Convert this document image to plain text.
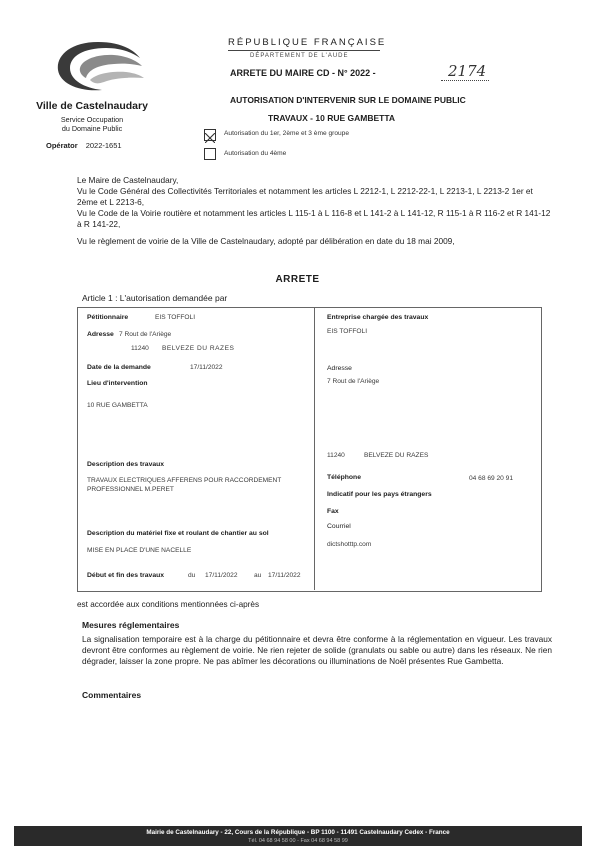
Ville de Castelnaudary
Service Occupation
du Domaine Public
Opérator 2022-1651
RÉPUBLIQUE FRANÇAISE
DÉPARTEMENT DE L'AUDE
ARRETE DU MAIRE CD - N° 2022 -	2174
AUTORISATION D'INTERVENIR SUR LE DOMAINE PUBLIC
TRAVAUX - 10 RUE GAMBETTA
Autorisation du 1er, 2ème et 3 ème groupe
Autorisation du 4ème
Le Maire de Castelnaudary,
Vu le Code Général des Collectivités Territoriales et notamment les articles L 2212-1, L 2212-22-1, L 2213-1, L 2213-2 1er et 2ème et L 2213-6,
Vu le Code de la Voirie routière et notamment les articles L 115-1 à L 116-8 et L 141-2 à L 141-12, R 115-1 à R 116-2 et R 141-12 à R 141-22,
Vu le règlement de voirie de la Ville de Castelnaudary, adopté par délibération en date du 18 mai 2009,
ARRETE
Article 1 : L'autorisation demandée par
Pétitionnaire	EIS TOFFOLI
Adresse 7 Rout de l'Ariège
11240 BELVEZE DU RAZES
Date de la demande	17/11/2022
Lieu d'intervention
10 RUE GAMBETTA
Description des travaux
TRAVAUX ELECTRIQUES AFFERENS POUR RACCORDEMENT PROFESSIONNEL M.PERET
Description du matériel fixe et roulant de chantier au sol
MISE EN PLACE D'UNE NACELLE
Début et fin des travaux	du 17/11/2022 au 17/11/2022
Entreprise chargée des travaux
EIS TOFFOLI
Adresse
7 Rout de l'Ariège
11240	BELVEZE DU RAZES
Téléphone	04 68 69 20 91
Indicatif pour les pays étrangers
Fax
Courriel
dictshotttp.com
est accordée aux conditions mentionnées ci-après
Mesures réglementaires
La signalisation temporaire est à la charge du pétitionnaire et devra être conforme à la réglementation en vigueur. Les travaux devront être conformes au règlement de voirie. Ne rien rejeter de solide (granulats ou sable ou autre) dans les réseaux. Ne rien dégrader, laisser la zone propre. Ne pas abîmer les décorations ou illuminations de Noël présentes Rue Gambetta.
Commentaires
Mairie de Castelnaudary - 22, Cours de la République - BP 1100 - 11491 Castelnaudary Cedex - France
Tél. 04 68 94 58 00 - Fax 04 68 94 58 99
